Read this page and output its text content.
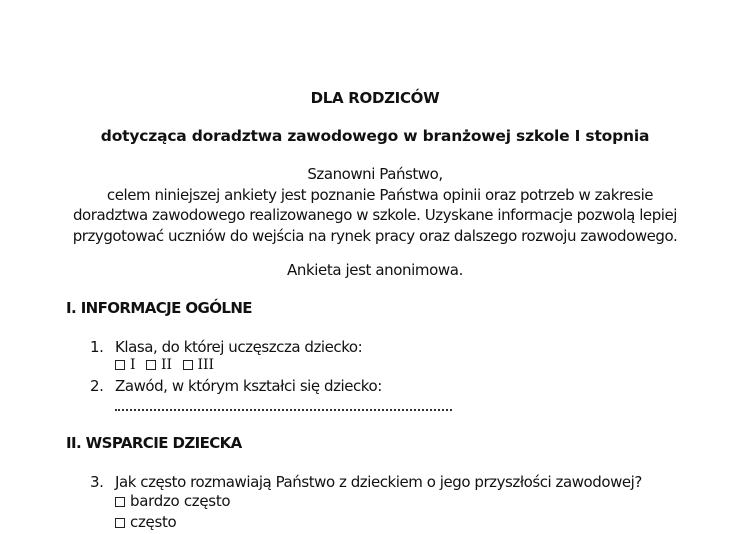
DLA RODZICÓW
dotycząca doradztwa zawodowego w branżowej szkole I stopnia
Szanowni Państwo,
celem niniejszej ankiety jest poznanie Państwa opinii oraz potrzeb w zakresie
doradztwa zawodowego realizowanego w szkole. Uzyskane informacje pozwolą lepiej
przygotować uczniów do wejścia na rynek pracy oraz dalszego rozwoju zawodowego.
Ankieta jest anonimowa.
I. INFORMACJE OGÓLNE
1. Klasa, do której uczęszcza dziecko:
I II III
2. Zawód, w którym kształci się dziecko:
II. WSPARCIE DZIECKA
3. Jak często rozmawiają Państwo z dzieckiem o jego przyszłości zawodowej?
bardzo często
często
